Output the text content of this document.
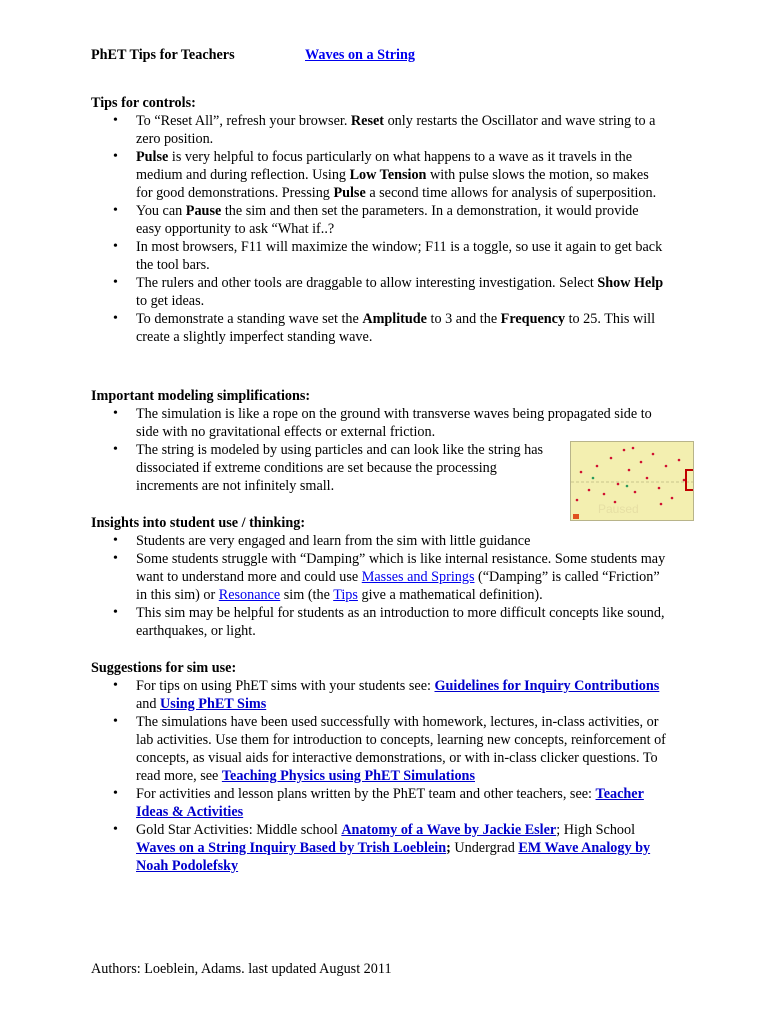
PhET Tips for Teachers	Waves on a String
Tips for controls:
• To “Reset All”, refresh your browser. Reset only restarts the Oscillator and wave string to a zero position.
• Pulse is very helpful to focus particularly on what happens to a wave as it travels in the medium and during reflection. Using Low Tension with pulse slows the motion, so makes for good demonstrations. Pressing Pulse a second time allows for analysis of superposition.
• You can Pause the sim and then set the parameters. In a demonstration, it would provide easy opportunity to ask “What if..?
• In most browsers, F11 will maximize the window; F11 is a toggle, so use it again to get back the tool bars.
• The rulers and other tools are draggable to allow interesting investigation. Select Show Help to get ideas.
• To demonstrate a standing wave set the Amplitude to 3 and the Frequency to 25. This will create a slightly imperfect standing wave.
Important modeling simplifications:
• The simulation is like a rope on the ground with transverse waves being propagated side to side with no gravitational effects or external friction.
• The string is modeled by using particles and can look like the string has dissociated if extreme conditions are set because the processing increments are not infinitely small.
Paused
Insights into student use / thinking:
• Students are very engaged and learn from the sim with little guidance
• Some students struggle with “Damping” which is like internal resistance. Some students may want to understand more and could use Masses and Springs (“Damping” is called “Friction” in this sim) or Resonance sim (the Tips give a mathematical definition).
• This sim may be helpful for students as an introduction to more difficult concepts like sound, earthquakes, or light.
Suggestions for sim use:
• For tips on using PhET sims with your students see: Guidelines for Inquiry Contributions and Using PhET Sims
• The simulations have been used successfully with homework, lectures, in-class activities, or lab activities. Use them for introduction to concepts, learning new concepts, reinforcement of concepts, as visual aids for interactive demonstrations, or with in-class clicker questions. To read more, see Teaching Physics using PhET Simulations
• For activities and lesson plans written by the PhET team and other teachers, see: Teacher Ideas & Activities
• Gold Star Activities: Middle school Anatomy of a Wave by Jackie Esler; High School Waves on a String Inquiry Based by Trish Loeblein; Undergrad EM Wave Analogy by Noah Podolefsky
Authors: Loeblein, Adams. last updated August 2011
